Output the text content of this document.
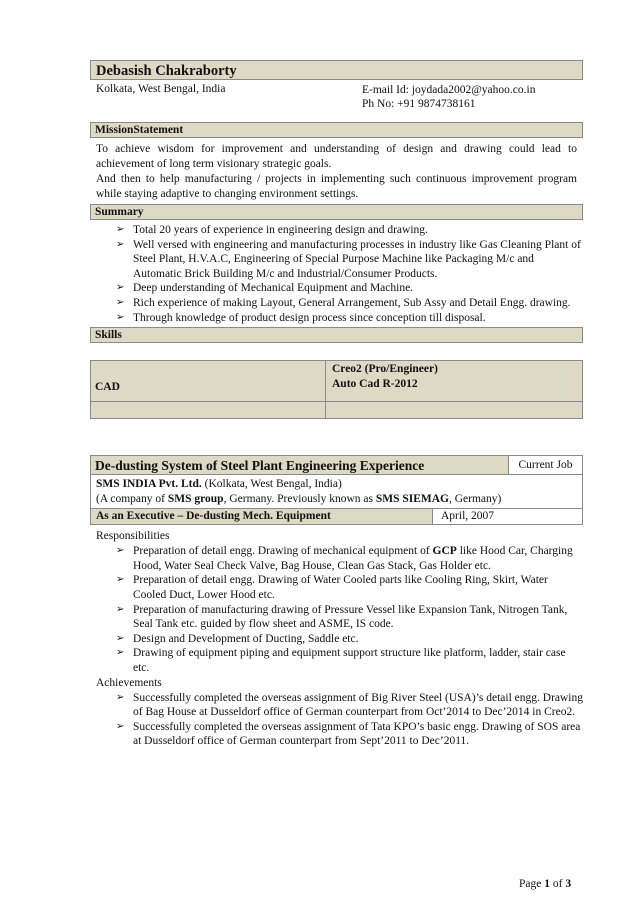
Debasish Chakraborty
Kolkata, West Bengal, India	E-mail Id: joydada2002@yahoo.co.in
Ph No: +91 9874738161
MissionStatement
To achieve wisdom for improvement and understanding of design and drawing could lead to achievement of long term visionary strategic goals.
And then to help manufacturing / projects in implementing such continuous improvement program while staying adaptive to changing environment settings.
Summary
➢ Total 20 years of experience in engineering design and drawing.
➢ Well versed with engineering and manufacturing processes in industry like Gas Cleaning Plant of Steel Plant, H.V.A.C, Engineering of Special Purpose Machine like Packaging M/c and Automatic Brick Building M/c and Industrial/Consumer Products.
➢ Deep understanding of Mechanical Equipment and Machine.
➢ Rich experience of making Layout, General Arrangement, Sub Assy and Detail Engg. drawing.
➢ Through knowledge of product design process since conception till disposal.
Skills
CAD	Creo2 (Pro/Engineer)
Auto Cad R-2012

De-dusting System of Steel Plant Engineering Experience	Current Job
SMS INDIA Pvt. Ltd. (Kolkata, West Bengal, India)
(A company of SMS group, Germany. Previously known as SMS SIEMAG, Germany)
As an Executive – De-dusting Mech. Equipment	April, 2007
Responsibilities
➢ Preparation of detail engg. Drawing of mechanical equipment of GCP like Hood Car, Charging Hood, Water Seal Check Valve, Bag House, Clean Gas Stack, Gas Holder etc.
➢ Preparation of detail engg. Drawing of Water Cooled parts like Cooling Ring, Skirt, Water Cooled Duct, Lower Hood etc.
➢ Preparation of manufacturing drawing of Pressure Vessel like Expansion Tank, Nitrogen Tank, Seal Tank etc. guided by flow sheet and ASME, IS code.
➢ Design and Development of Ducting, Saddle etc.
➢ Drawing of equipment piping and equipment support structure like platform, ladder, stair case etc.
Achievements
➢ Successfully completed the overseas assignment of Big River Steel (USA)’s detail engg. Drawing of Bag House at Dusseldorf office of German counterpart from Oct’2014 to Dec’2014 in Creo2.
➢ Successfully completed the overseas assignment of Tata KPO’s basic engg. Drawing of SOS area at Dusseldorf office of German counterpart from Sept’2011 to Dec’2011.
Page 1 of 3
